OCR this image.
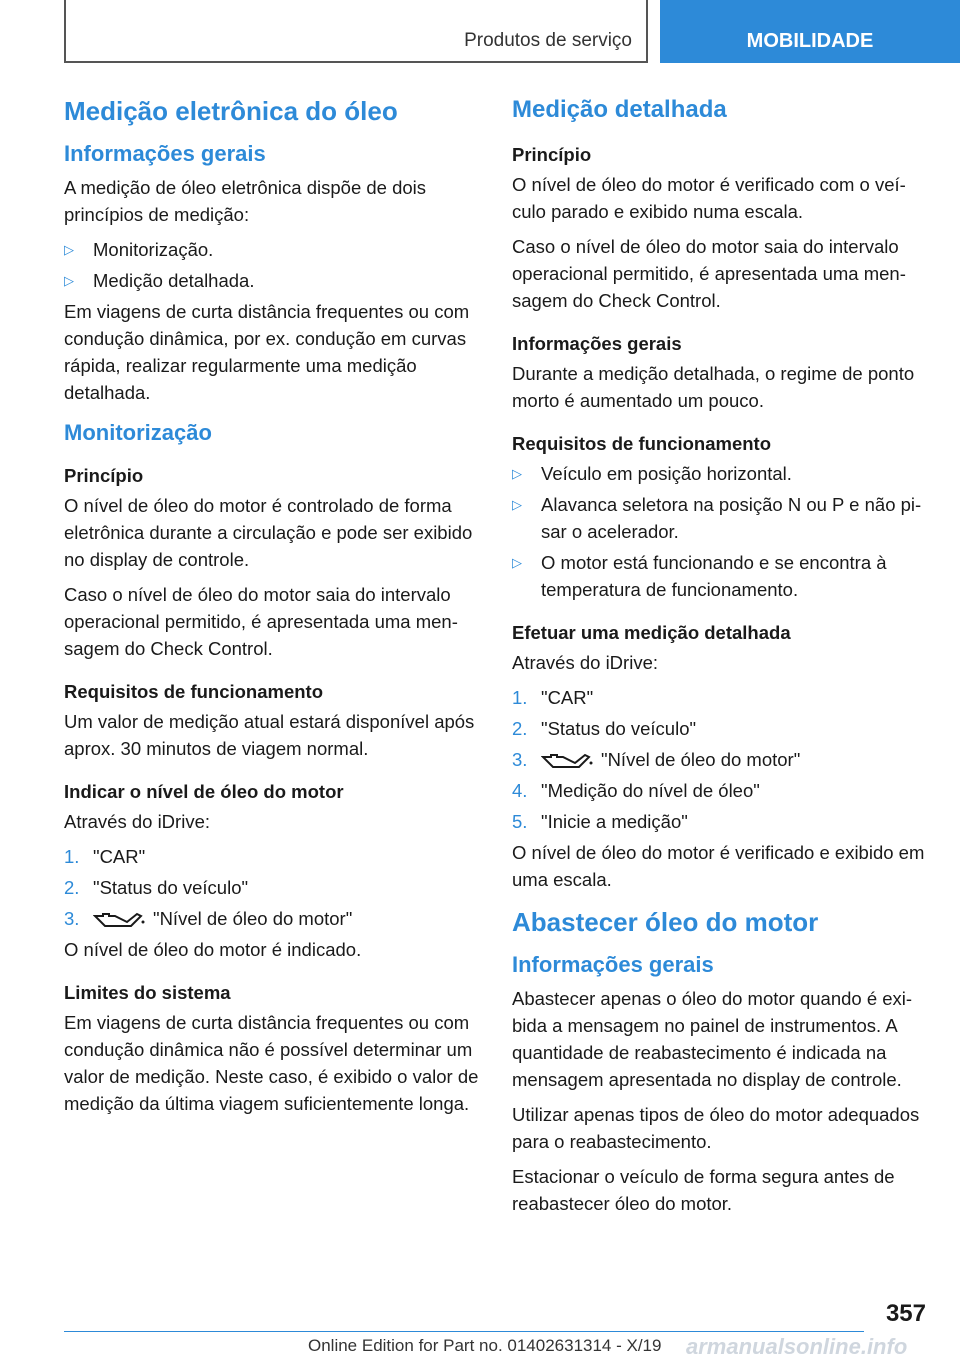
Produtos de serviço	MOBILIDADE
Medição eletrônica do óleo
Informações gerais

A medição de óleo eletrônica dispõe de dois princípios de medição:

▷ Monitorização.
▷ Medição detalhada.

Em viagens de curta distância frequentes ou com condução dinâmica, por ex. condução em curvas rápida, realizar regularmente uma medição detalhada.

Monitorização
Princípio

O nível de óleo do motor é controlado de forma eletrônica durante a circulação e pode ser exibido no display de controle.

Caso o nível de óleo do motor saia do intervalo operacional permitido, é apresentada uma mensagem do Check Control.

Requisitos de funcionamento

Um valor de medição atual estará disponível após aprox. 30 minutos de viagem normal.

Indicar o nível de óleo do motor

Através do iDrive:

1. "CAR"
2. "Status do veículo"
3.	"Nível de óleo do motor"

O nível de óleo do motor é indicado.

Limites do sistema

Em viagens de curta distância frequentes ou com condução dinâmica não é possível determinar um valor de medição. Neste caso, é exibido o valor de medição da última viagem suficientemente longa.

Medição detalhada
Princípio

O nível de óleo do motor é verificado com o veículo parado e exibido numa escala.

Caso o nível de óleo do motor saia do intervalo operacional permitido, é apresentada uma mensagem do Check Control.

Informações gerais

Durante a medição detalhada, o regime de ponto morto é aumentado um pouco.

Requisitos de funcionamento
▷ Veículo em posição horizontal.
▷ Alavanca seletora na posição N ou P e não pisar o acelerador.
▷ O motor está funcionando e se encontra à temperatura de funcionamento.
Efetuar uma medição detalhada

Através do iDrive:

1. "CAR"
2. "Status do veículo"
3.	"Nível de óleo do motor"
4. "Medição do nível de óleo"
5. "Inicie a medição"

O nível de óleo do motor é verificado e exibido em uma escala.

Abastecer óleo do motor
Informações gerais

Abastecer apenas o óleo do motor quando é exibida a mensagem no painel de instrumentos. A quantidade de reabastecimento é indicada na mensagem apresentada no display de controle.

Utilizar apenas tipos de óleo do motor adequados para o reabastecimento.

Estacionar o veículo de forma segura antes de reabastecer óleo do motor.

357
Online Edition for Part no. 01402631314 - X/19 armanualsonline.info
